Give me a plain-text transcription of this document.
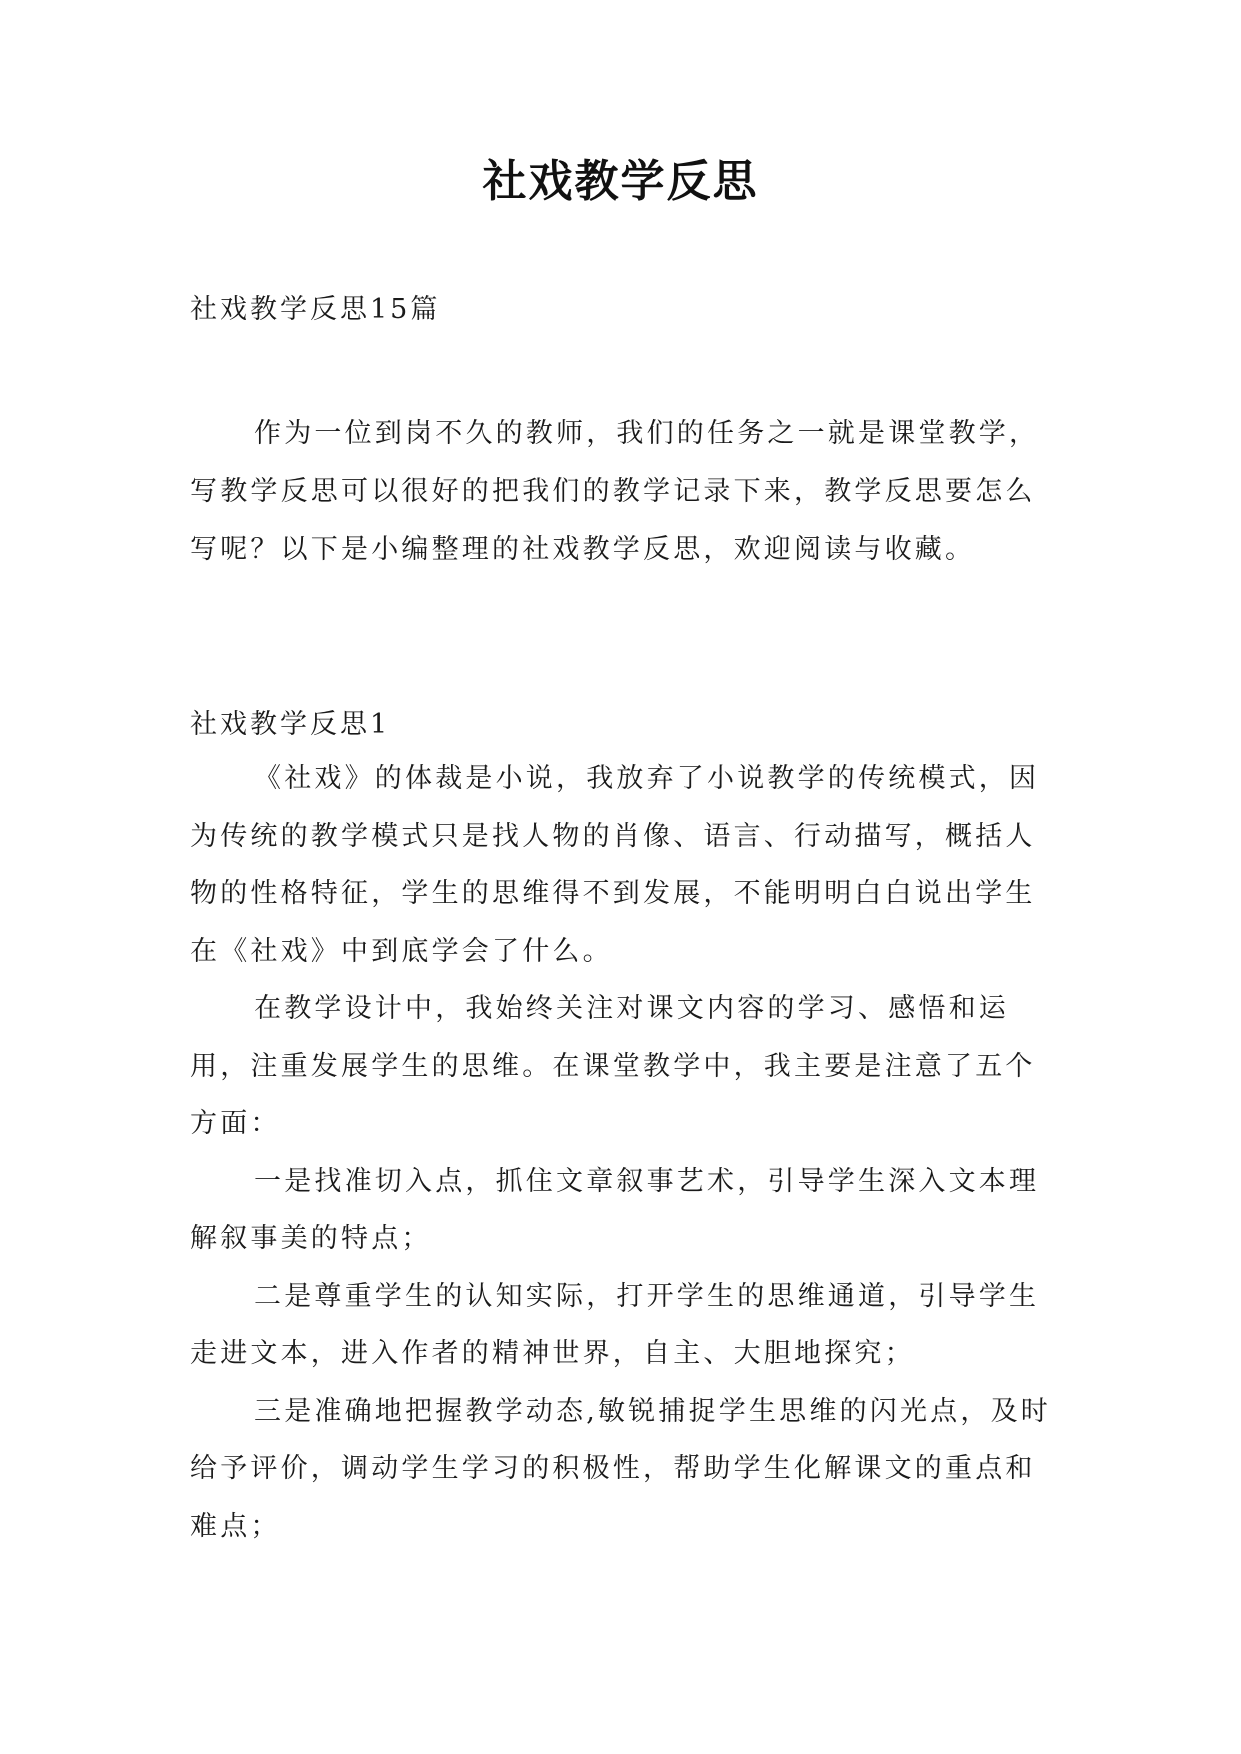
社戏教学反思
社戏教学反思15篇
作为一位到岗不久的教师，我们的任务之一就是课堂教学，写教学反思可以很好的把我们的教学记录下来，教学反思要怎么写呢？以下是小编整理的社戏教学反思，欢迎阅读与收藏。
社戏教学反思1

《社戏》的体裁是小说，我放弃了小说教学的传统模式，因为传统的教学模式只是找人物的肖像、语言、行动描写，概括人物的性格特征，学生的思维得不到发展，不能明明白白说出学生在《社戏》中到底学会了什么。

在教学设计中，我始终关注对课文内容的学习、感悟和运用，注重发展学生的思维。在课堂教学中，我主要是注意了五个方面：

一是找准切入点，抓住文章叙事艺术，引导学生深入文本理解叙事美的特点；

二是尊重学生的认知实际，打开学生的思维通道，引导学生走进文本，进入作者的精神世界，自主、大胆地探究；

三是准确地把握教学动态,敏锐捕捉学生思维的闪光点，及时给予评价，调动学生学习的积极性，帮助学生化解课文的重点和难点；
